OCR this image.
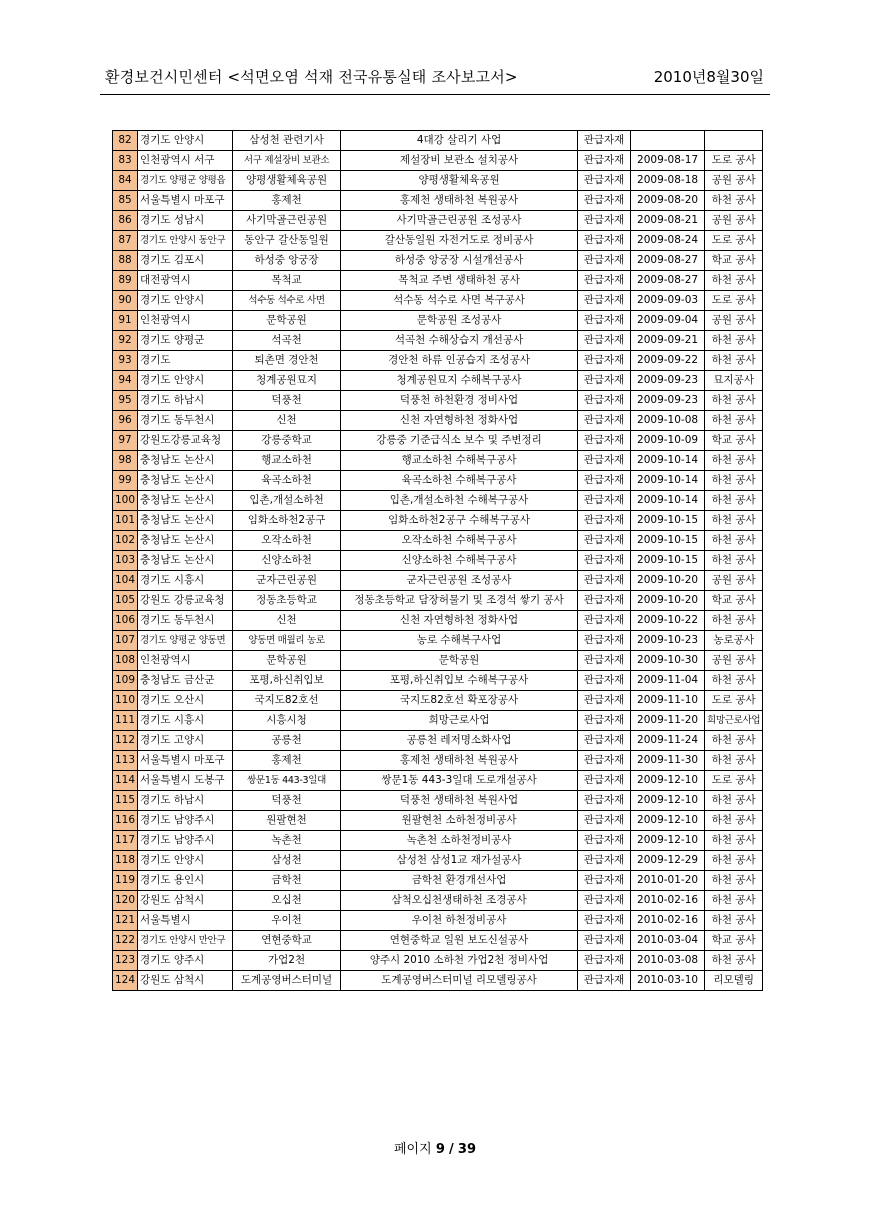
환경보건시민센터 <석면오염 석재 전국유통실태 조사보고서>	2010년8월30일
82	경기도 안양시	삼성천 관련기사	4대강 살리기 사업	관급자재		
83	인천광역시 서구	서구 제설장비 보관소	제설장비 보관소 설치공사	관급자재	2009-08-17	도로 공사
84	경기도 양평군 양평읍	양평생활체육공원	양평생활체육공원	관급자재	2009-08-18	공원 공사
85	서울특별시 마포구	홍제천	홍제천 생태하천 복원공사	관급자재	2009-08-20	하천 공사
86	경기도 성남시	사기막골근린공원	사기막골근린공원 조성공사	관급자재	2009-08-21	공원 공사
87	경기도 안양시 동안구	동안구 갈산동일원	갈산동일원 자전거도로 정비공사	관급자재	2009-08-24	도로 공사
88	경기도 김포시	하성중 앙궁장	하성중 앙궁장 시설개선공사	관급자재	2009-08-27	학교 공사
89	대전광역시	목척교	목척교 주변 생태하천 공사	관급자재	2009-08-27	하천 공사
90	경기도 안양시	석수동 석수로 사면	석수동 석수로 사면 복구공사	관급자재	2009-09-03	도로 공사
91	인천광역시	문학공원	문학공원 조성공사	관급자재	2009-09-04	공원 공사
92	경기도 양평군	석곡천	석곡천 수해상습지 개선공사	관급자재	2009-09-21	하천 공사
93	경기도	퇴촌면 경안천	경안천 하류 인공습지 조성공사	관급자재	2009-09-22	하천 공사
94	경기도 안양시	청계공원묘지	청계공원묘지 수해복구공사	관급자재	2009-09-23	묘지공사
95	경기도 하남시	덕풍천	덕풍천 하천환경 정비사업	관급자재	2009-09-23	하천 공사
96	경기도 동두천시	신천	신천 자연형하천 정화사업	관급자재	2009-10-08	하천 공사
97	강원도강릉교육청	강릉중학교	강릉중 기준급식소 보수 및 주변정리	관급자재	2009-10-09	학교 공사
98	충청남도 논산시	행교소하천	행교소하천 수해복구공사	관급자재	2009-10-14	하천 공사
99	충청남도 논산시	육곡소하천	육곡소하천 수해복구공사	관급자재	2009-10-14	하천 공사
100	충청남도 논산시	입촌,개설소하천	입촌,개설소하천 수해복구공사	관급자재	2009-10-14	하천 공사
101	충청남도 논산시	임화소하천2공구	임화소하천2공구 수해복구공사	관급자재	2009-10-15	하천 공사
102	충청남도 논산시	오작소하천	오작소하천 수해복구공사	관급자재	2009-10-15	하천 공사
103	충청남도 논산시	신양소하천	신양소하천 수해복구공사	관급자재	2009-10-15	하천 공사
104	경기도 시흥시	군자근린공원	군자근린공원 조성공사	관급자재	2009-10-20	공원 공사
105	강원도 강릉교육청	정동초등학교	정동초등학교 담장허물기 및 조경석 쌓기 공사	관급자재	2009-10-20	학교 공사
106	경기도 동두천시	신천	신천 자연형하천 정화사업	관급자재	2009-10-22	하천 공사
107	경기도 양평군 양동면	양동면 매월리 농로	농로 수해복구사업	관급자재	2009-10-23	농로공사
108	인천광역시	문학공원	문학공원	관급자재	2009-10-30	공원 공사
109	충청남도 금산군	포평,하신취입보	포평,하신취입보 수해복구공사	관급자재	2009-11-04	하천 공사
110	경기도 오산시	국지도82호선	국지도82호선 확포장공사	관급자재	2009-11-10	도로 공사
111	경기도 시흥시	시흥시청	희망근로사업	관급자재	2009-11-20	희망근로사업
112	경기도 고양시	공릉천	공릉천 레저명소화사업	관급자재	2009-11-24	하천 공사
113	서울특별시 마포구	홍제천	홍제천 생태하천 복원공사	관급자재	2009-11-30	하천 공사
114	서울특별시 도봉구	쌍문1동 443-3일대	쌍문1동 443-3일대 도로개설공사	관급자재	2009-12-10	도로 공사
115	경기도 하남시	덕풍천	덕풍천 생태하천 복원사업	관급자재	2009-12-10	하천 공사
116	경기도 남양주시	원팔현천	원팔현천 소하천정비공사	관급자재	2009-12-10	하천 공사
117	경기도 남양주시	녹촌천	녹촌천 소하천정비공사	관급자재	2009-12-10	하천 공사
118	경기도 안양시	삼성천	삼성천 삼성1교 재가설공사	관급자재	2009-12-29	하천 공사
119	경기도 용인시	금학천	금학천 환경개선사업	관급자재	2010-01-20	하천 공사
120	강원도 삼척시	오십천	삼척오십천생태하천 조경공사	관급자재	2010-02-16	하천 공사
121	서울특별시	우이천	우이천 하천정비공사	관급자재	2010-02-16	하천 공사
122	경기도 안양시 만안구	연현중학교	연현중학교 일원 보도신설공사	관급자재	2010-03-04	학교 공사
123	경기도 양주시	가업2천	양주시 2010 소하천 가업2천 정비사업	관급자재	2010-03-08	하천 공사
124	강원도 삼척시	도계공영버스터미널	도계공영버스터미널 리모델링공사	관급자재	2010-03-10	리모델링
페이지 9 / 39
